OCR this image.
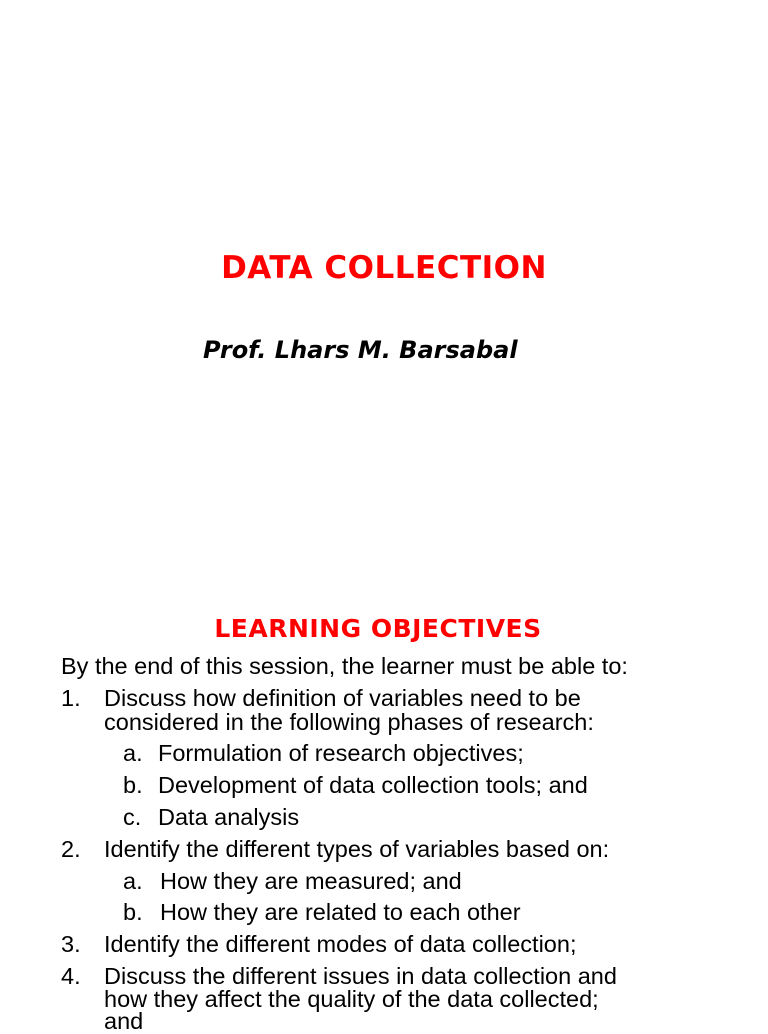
DATA COLLECTION
Prof. Lhars M. Barsabal
LEARNING OBJECTIVES
By the end of this session, the learner must be able to:
1. Discuss how definition of variables need to be
considered in the following phases of research:
a. Formulation of research objectives;
b. Development of data collection tools; and
c. Data analysis
2. Identify the different types of variables based on:
a. How they are measured; and
b. How they are related to each other
3. Identify the different modes of data collection;
4. Discuss the different issues in data collection and
how they affect the quality of the data collected;
and
